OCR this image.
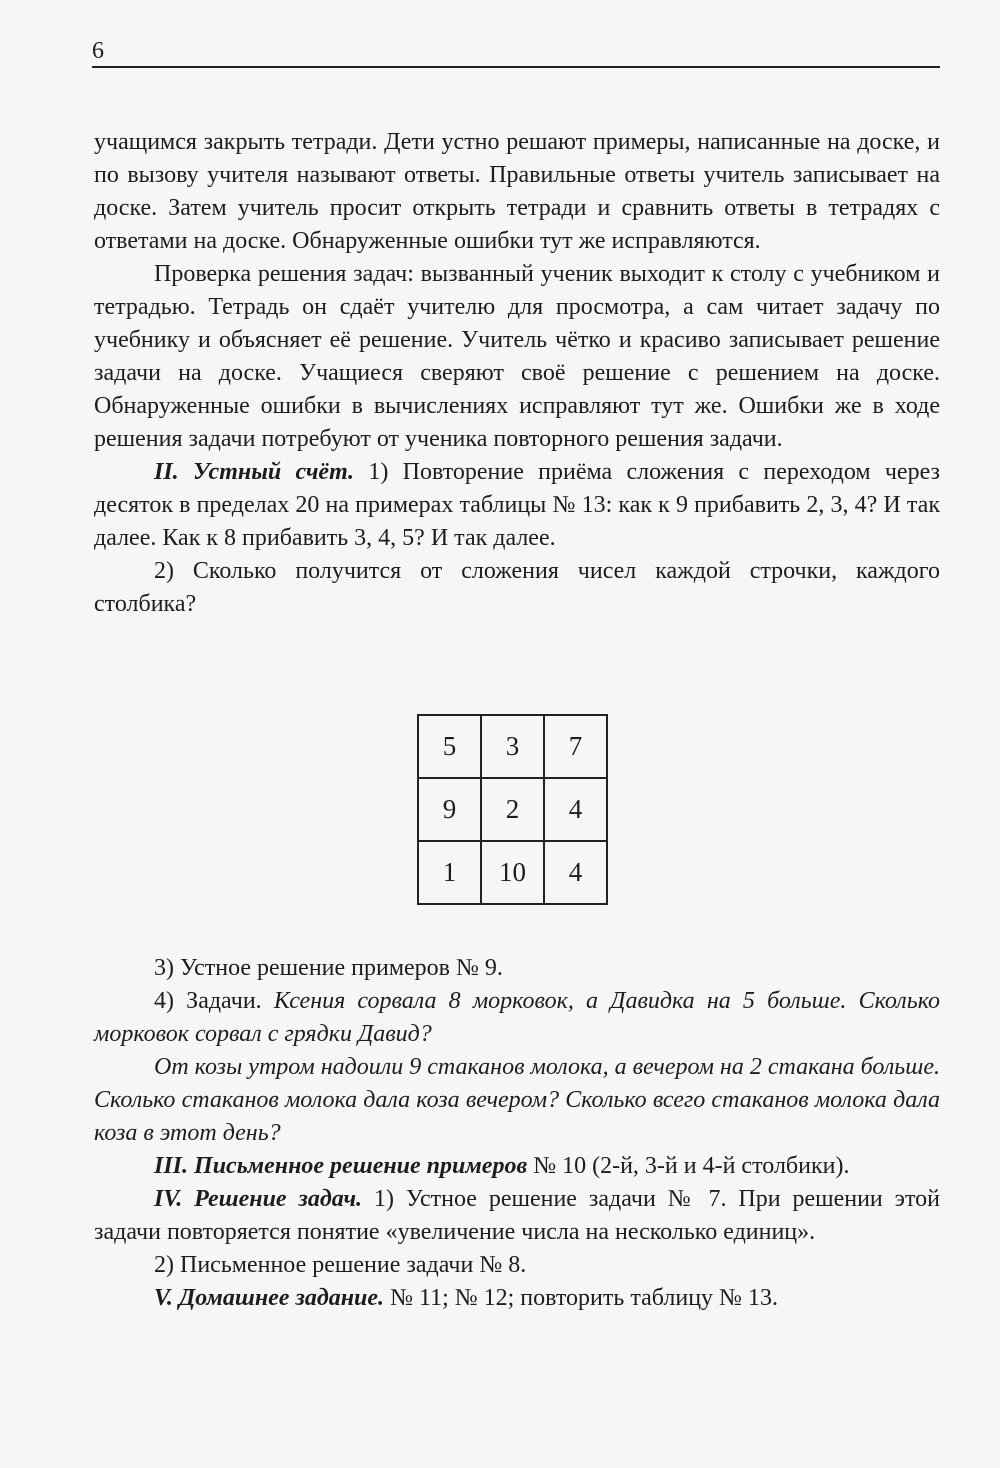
6

учащимся закрыть тетради. Дети устно решают примеры, написанные на доске, и по вызову учителя называют ответы. Правильные ответы учитель записывает на доске. Затем учитель просит открыть тетради и сравнить ответы в тетрадях с ответами на доске. Обнаруженные ошибки тут же исправляются.

Проверка решения задач: вызванный ученик выходит к столу с учебником и тетрадью. Тетрадь он сдаёт учителю для просмотра, а сам читает задачу по учебнику и объясняет её решение. Учитель чётко и красиво записывает решение задачи на доске. Учащиеся сверяют своё решение с решением на доске. Обнаруженные ошибки в вычислениях исправляют тут же. Ошибки же в ходе решения задачи потребуют от ученика повторного решения задачи.

II. Устный счёт. 1) Повторение приёма сложения с переходом через десяток в пределах 20 на примерах таблицы № 13: как к 9 прибавить 2, 3, 4? И так далее. Как к 8 прибавить 3, 4, 5? И так далее.

2) Сколько получится от сложения чисел каждой строчки, каждого столбика?

5	3	7
9	2	4
1	10	4

3) Устное решение примеров № 9.

4) Задачи. Ксения сорвала 8 морковок, а Давидка на 5 больше. Сколько морковок сорвал с грядки Давид?

От козы утром надоили 9 стаканов молока, а вечером на 2 стакана больше. Сколько стаканов молока дала коза вечером? Сколько всего стаканов молока дала коза в этот день?

III. Письменное решение примеров № 10 (2-й, 3-й и 4-й столбики).

IV. Решение задач. 1) Устное решение задачи № 7. При решении этой задачи повторяется понятие «увеличение числа на несколько единиц».

2) Письменное решение задачи № 8.

V. Домашнее задание. № 11; № 12; повторить таблицу № 13.
